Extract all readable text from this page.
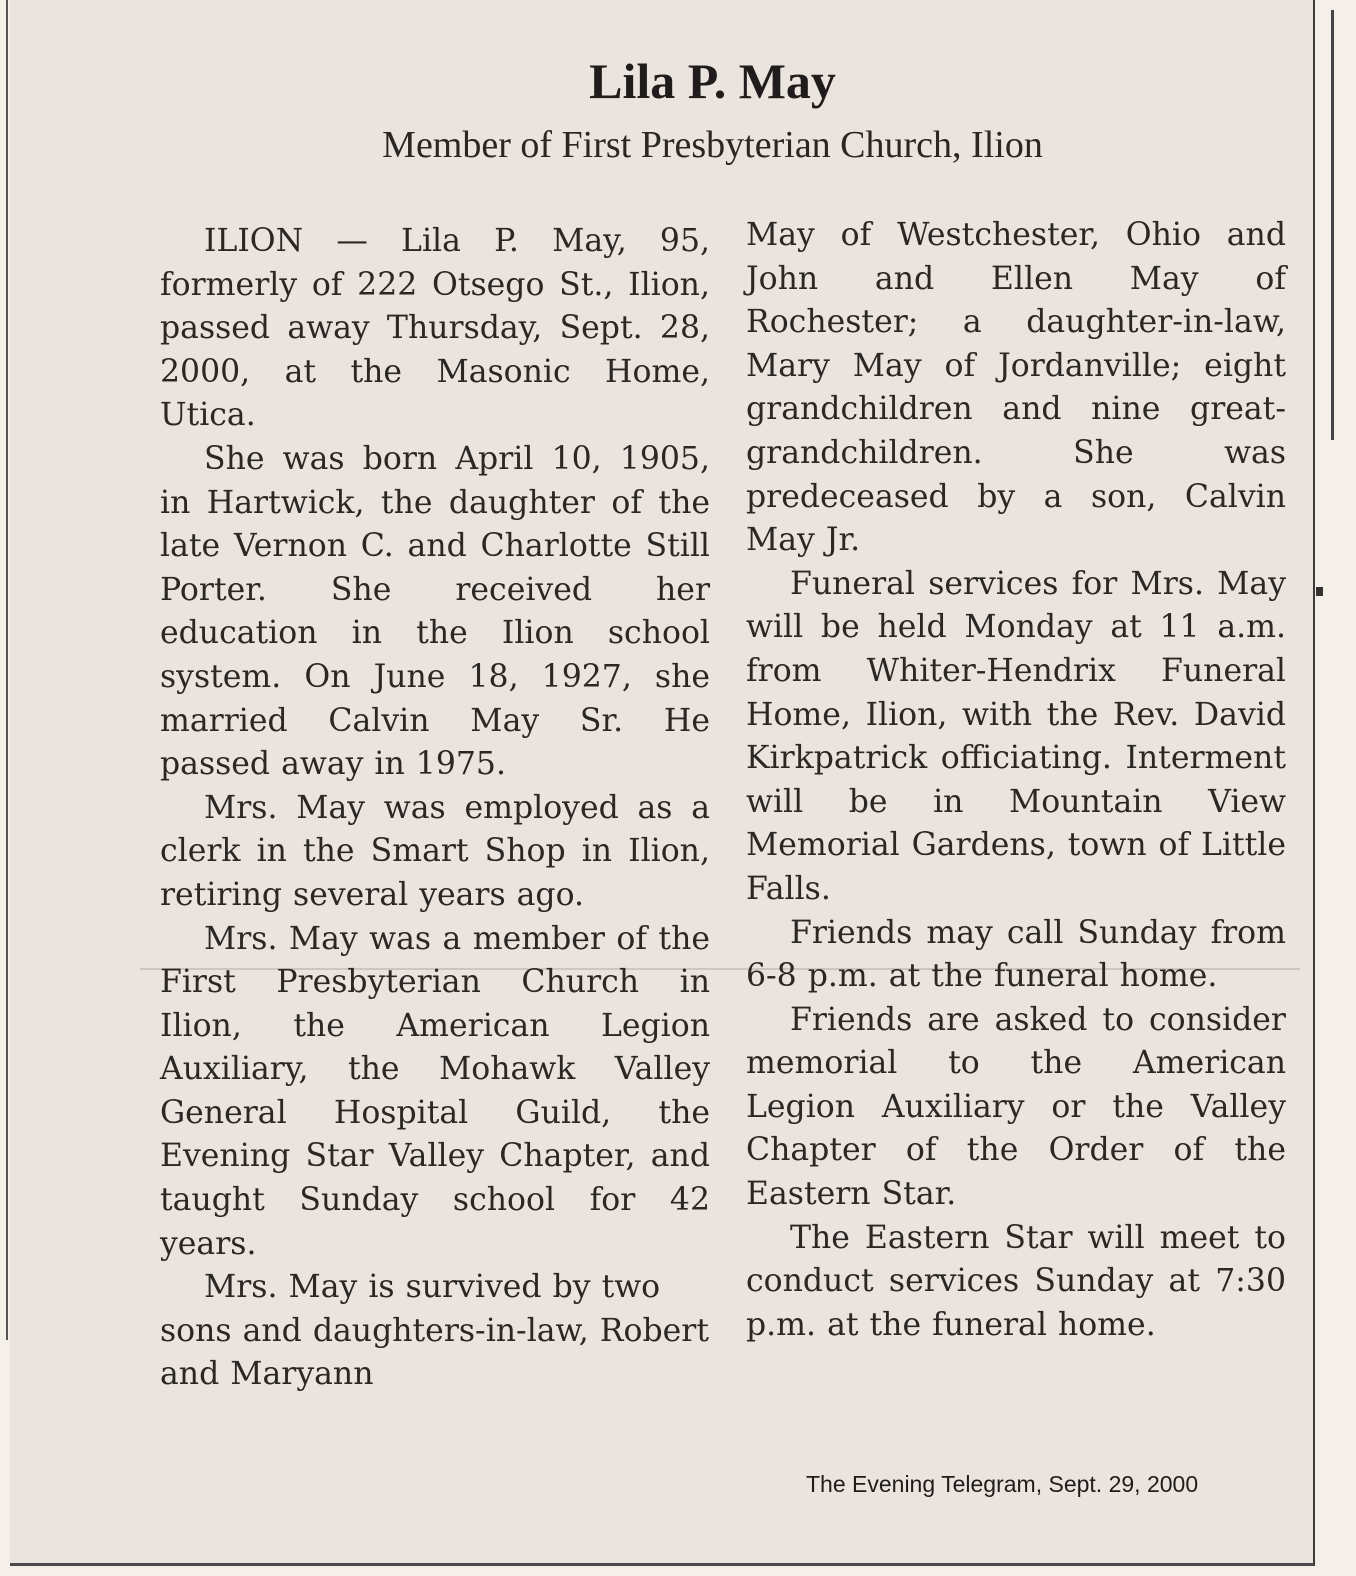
Lila P. May
Member of First Presbyterian Church, Ilion

ILION — Lila P. May, 95, formerly of 222 Otsego St., Ilion, passed away Thursday, Sept. 28, 2000, at the Masonic Home, Utica.

She was born April 10, 1905, in Hartwick, the daughter of the late Vernon C. and Charlotte Still Porter. She received her education in the Ilion school system. On June 18, 1927, she married Calvin May Sr. He passed away in 1975.

Mrs. May was employed as a clerk in the Smart Shop in Ilion, retiring several years ago.

Mrs. May was a member of the First Presbyterian Church in Ilion, the American Legion Auxiliary, the Mohawk Valley General Hospital Guild, the Evening Star Valley Chapter, and taught Sunday school for 42 years.

Mrs. May is survived by two sons and daughters-in-law, Robert and Maryann

May of Westchester, Ohio and John and Ellen May of Rochester; a daughter-in-law, Mary May of Jordanville; eight grandchildren and nine great-grandchildren. She was predeceased by a son, Calvin May Jr.

Funeral services for Mrs. May will be held Monday at 11 a.m. from Whiter-Hendrix Funeral Home, Ilion, with the Rev. David Kirkpatrick officiating. Interment will be in Mountain View Memorial Gardens, town of Little Falls.

Friends may call Sunday from 6-8 p.m. at the funeral home.

Friends are asked to consider memorial to the American Legion Auxiliary or the Valley Chapter of the Order of the Eastern Star.

The Eastern Star will meet to conduct services Sunday at 7:30 p.m. at the funeral home.

The Evening Telegram, Sept. 29, 2000
